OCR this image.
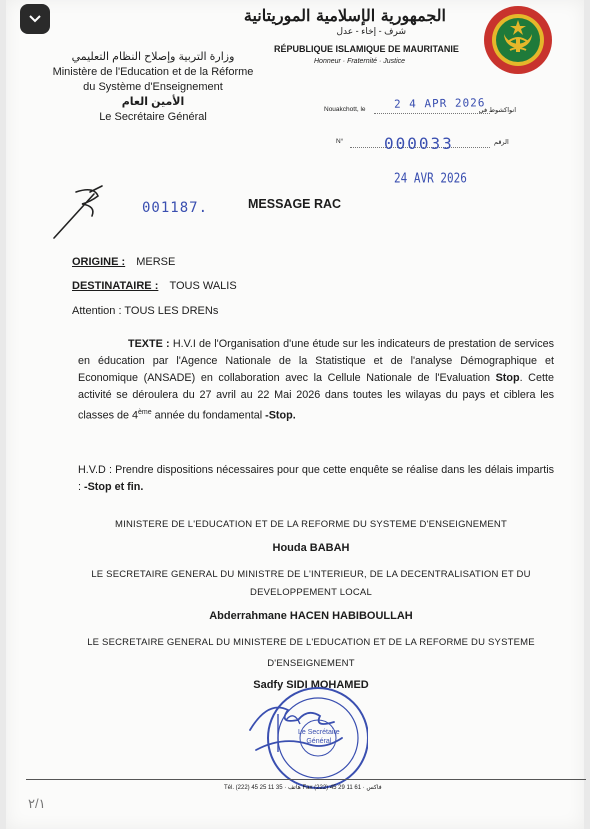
الجمهورية الإسلامية الموريتانية
شرف - إخاء - عدل
RÉPUBLIQUE ISLAMIQUE DE MAURITANIE
Honneur · Fraternité · Justice
وزارة التربية وإصلاح النظام التعليمي
Ministère de l'Education et de la Réforme
du Système d'Enseignement
الأمين العام
Le Secrétaire Général
Nouakchott, le	انواكشوط في
2 4 APR 2026
N°	الرقم
000033
24 AVR 2026
001187.	MESSAGE RAC
ORIGINE : MERSE
DESTINATAIRE : TOUS WALIS
Attention : TOUS LES DRENs
TEXTE : H.V.I de l'Organisation d'une étude sur les indicateurs de prestation de services en éducation par l'Agence Nationale de la Statistique et de l'analyse Démographique et Economique (ANSADE) en collaboration avec la Cellule Nationale de l'Evaluation Stop. Cette activité se déroulera du 27 avril au 22 Mai 2026 dans toutes les wilayas du pays et ciblera les classes de 4ème année du fondamental -Stop.
H.V.D : Prendre dispositions nécessaires pour que cette enquête se réalise dans les délais impartis : -Stop et fin.
MINISTERE DE L'EDUCATION ET DE LA REFORME DU SYSTEME D'ENSEIGNEMENT
Houda BABAH
LE SECRETAIRE GENERAL DU MINISTRE DE L'INTERIEUR, DE LA DECENTRALISATION ET DU
DEVELOPPEMENT LOCAL
Abderrahmane HACEN HABIBOULLAH
LE SECRETAIRE GENERAL DU MINISTERE DE L'EDUCATION ET DE LA REFORME DU SYSTEME
D'ENSEIGNEMENT
Sadfy SIDI MOHAMED
Le Secrétaire
Général
Tél. (222) 45 25 11 35 · هاتف Fax (222) 45 29 11 61 · فاكس
٢/١
